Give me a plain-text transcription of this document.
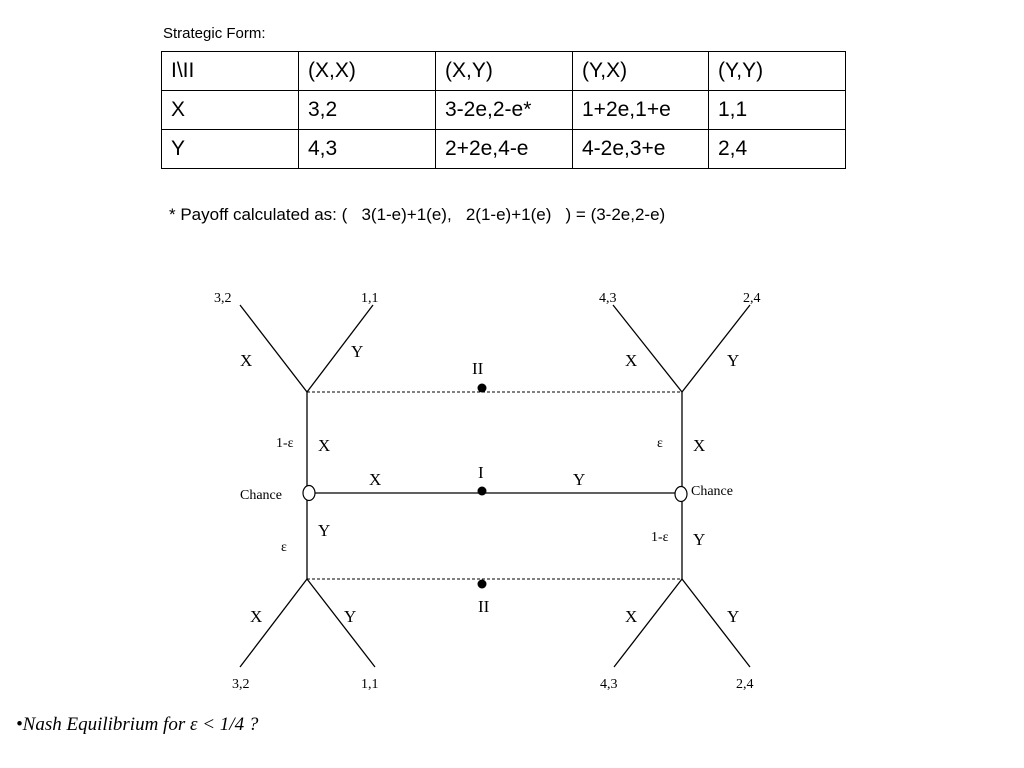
Strategic Form:
I\II	(X,X)	(X,Y)	(Y,X)	(Y,Y)
X	3,2	3-2e,2-e*	1+2e,1+e	1,1
Y	4,3	2+2e,4-e	4-2e,3+e	2,4
* Payoff calculated as: (   3(1-e)+1(e),   2(1-e)+1(e)   ) = (3-2e,2-e)
3,2	1,1	4,3	2,4
3,2	1,1	4,3	2,4
X	Y	X	Y
X	Y	X	Y
X
Y
X
Y
X	Y
II
I
II
Chance	Chance
1-ε
ε
ε
1-ε
•Nash Equilibrium for ε < 1/4 ?
